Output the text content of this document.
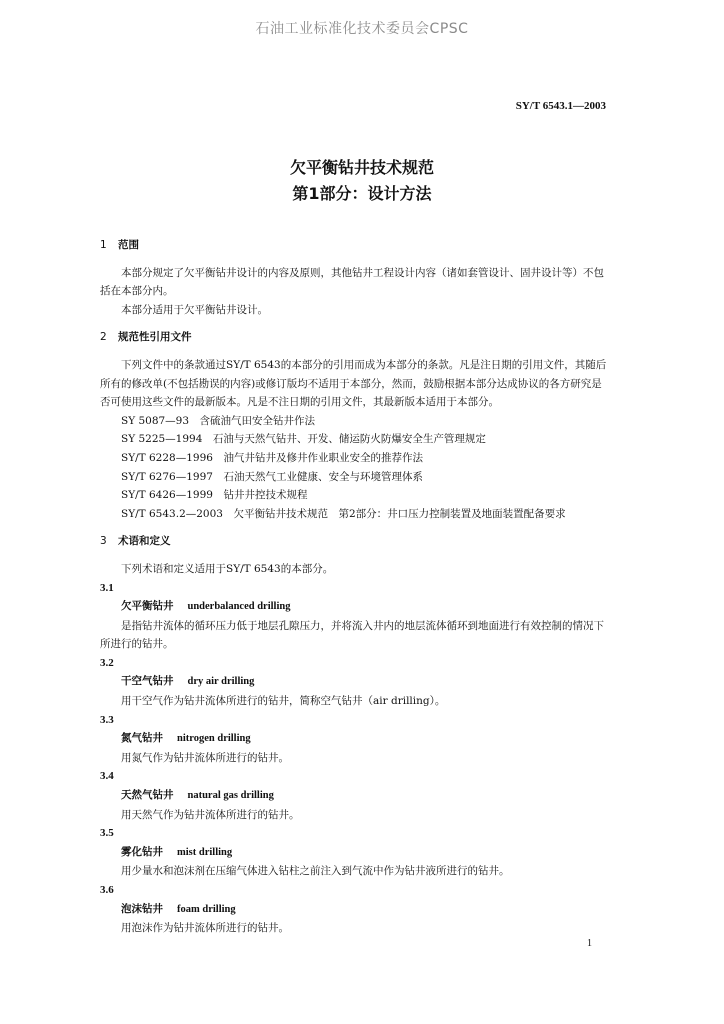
石油工业标准化技术委员会CPSC
SY/T 6543.1—2003
欠平衡钻井技术规范
第1部分：设计方法

1 范围

本部分规定了欠平衡钻井设计的内容及原则，其他钻井工程设计内容（诸如套管设计、固井设计等）不包括在本部分内。

本部分适用于欠平衡钻井设计。

2 规范性引用文件

下列文件中的条款通过SY/T 6543的本部分的引用而成为本部分的条款。凡是注日期的引用文件，其随后所有的修改单(不包括勘误的内容)或修订版均不适用于本部分，然而，鼓励根据本部分达成协议的各方研究是否可使用这些文件的最新版本。凡是不注日期的引用文件，其最新版本适用于本部分。

SY 5087—93　含硫油气田安全钻井作法

SY 5225—1994　石油与天然气钻井、开发、储运防火防爆安全生产管理规定

SY/T 6228—1996　油气井钻井及修井作业职业安全的推荐作法

SY/T 6276—1997　石油天然气工业健康、安全与环境管理体系

SY/T 6426—1999　钻井井控技术规程

SY/T 6543.2—2003　欠平衡钻井技术规范　第2部分：井口压力控制装置及地面装置配备要求

3 术语和定义

下列术语和定义适用于SY/T 6543的本部分。

3.1

欠平衡钻井 underbalanced drilling

是指钻井流体的循环压力低于地层孔隙压力，并将流入井内的地层流体循环到地面进行有效控制的情况下所进行的钻井。

3.2

干空气钻井 dry air drilling

用干空气作为钻井流体所进行的钻井，简称空气钻井（air drilling）。

3.3

氮气钻井 nitrogen drilling

用氮气作为钻井流体所进行的钻井。

3.4

天然气钻井 natural gas drilling

用天然气作为钻井流体所进行的钻井。

3.5

雾化钻井 mist drilling

用少量水和泡沫剂在压缩气体进入钻柱之前注入到气流中作为钻井液所进行的钻井。

3.6

泡沫钻井 foam drilling

用泡沫作为钻井流体所进行的钻井。

1
